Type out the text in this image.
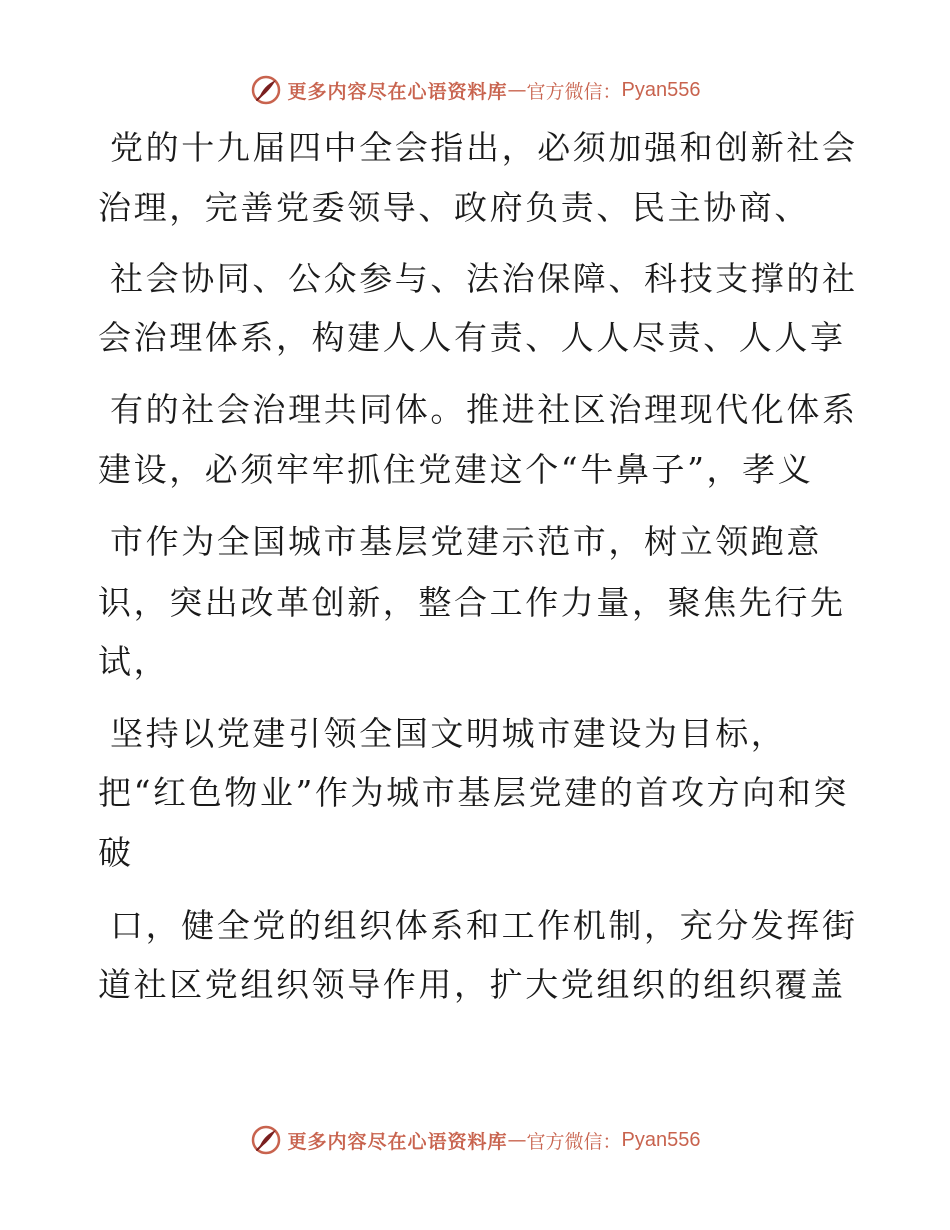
更多内容尽在心语资料库 — 官方微信： Pyan556
党的十九届四中全会指出，必须加强和创新社会
治理，完善党委领导、政府负责、民主协商、
社会协同、公众参与、法治保障、科技支撑的社
会治理体系，构建人人有责、人人尽责、人人享
有的社会治理共同体。推进社区治理现代化体系
建设，必须牢牢抓住党建这个“牛鼻子”，孝义
市作为全国城市基层党建示范市，树立领跑意
识，突出改革创新，整合工作力量，聚焦先行先
试，
坚持以党建引领全国文明城市建设为目标，
把“红色物业”作为城市基层党建的首攻方向和突
破
口，健全党的组织体系和工作机制，充分发挥街
道社区党组织领导作用，扩大党组织的组织覆盖
更多内容尽在心语资料库 — 官方微信： Pyan556
